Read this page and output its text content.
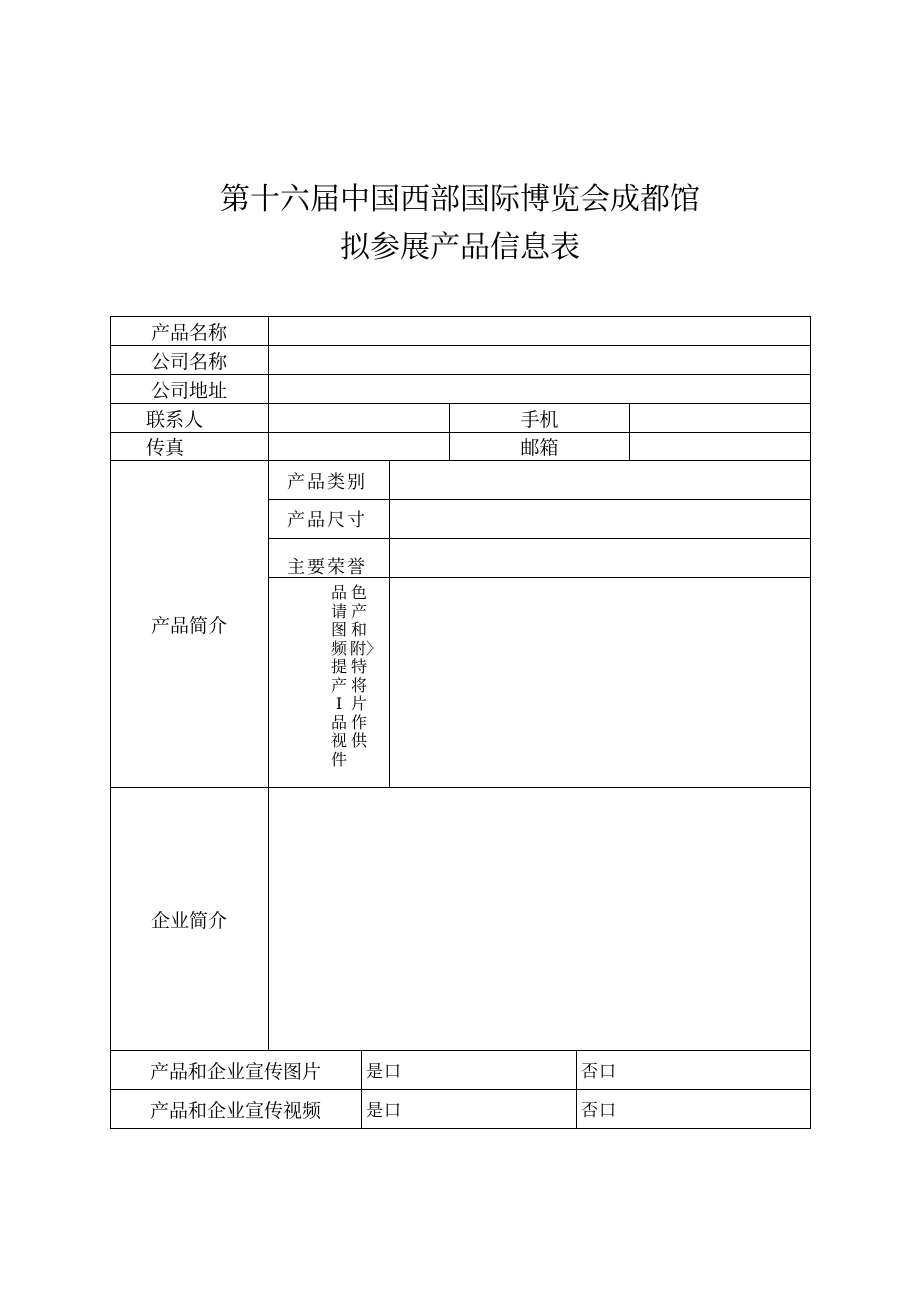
第十六届中国西部国际博览会成都馆
拟参展产品信息表
产品名称
公司名称
公司地址
联系人	手机
传真	邮箱
产品简介
产品类别
产品尺寸
主要荣誉
色产和附〉特将片作供
品请图频提产I品视件
企业简介
产品和企业宣传图片	是口	否口
产品和企业宣传视频	是口	否口
